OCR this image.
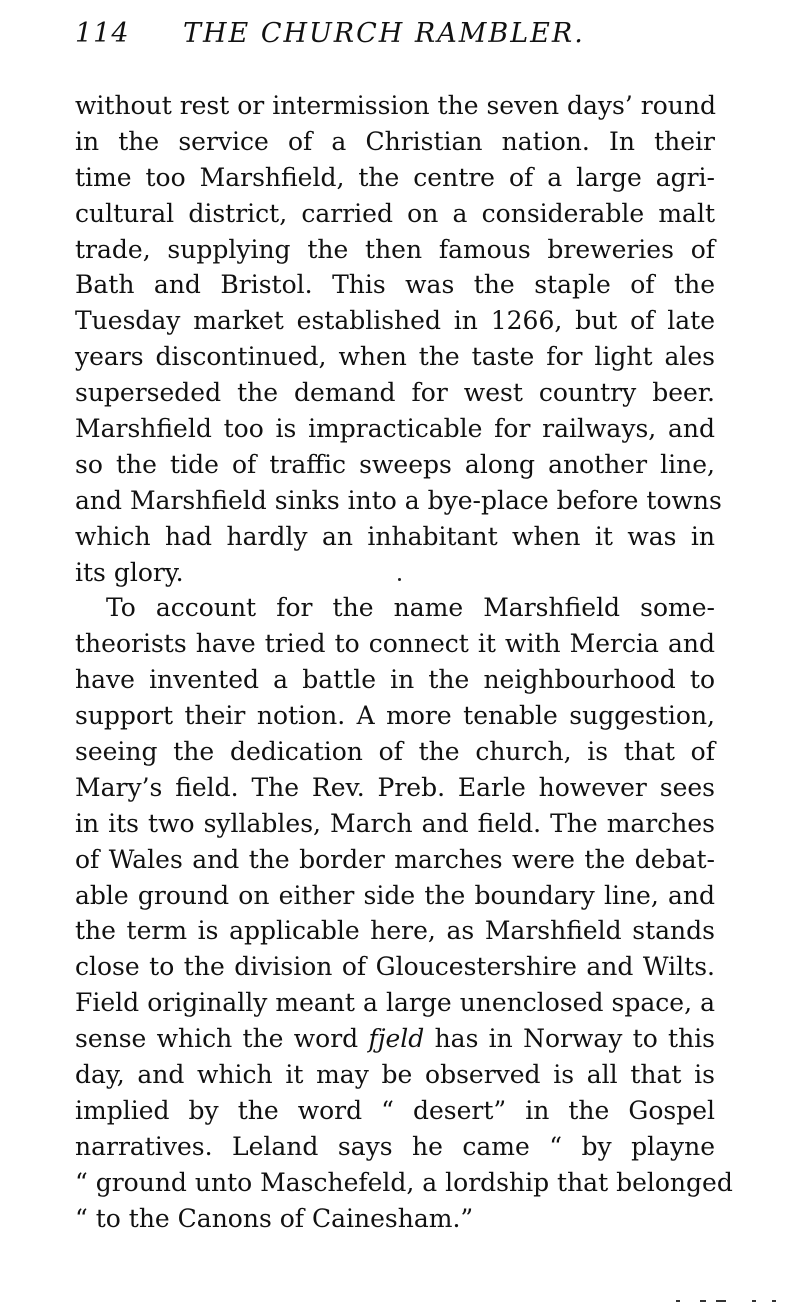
114 THE CHURCH RAMBLER.
without rest or intermission the seven days’ round
in the service of a Christian nation. In their
time too Marshfield, the centre of a large agri-
cultural district, carried on a considerable malt
trade, supplying the then famous breweries of
Bath and Bristol. This was the staple of the
Tuesday market established in 1266, but of late
years discontinued, when the taste for light ales
superseded the demand for west country beer.
Marshfield too is impracticable for railways, and
so the tide of traffic sweeps along another line,
and Marshfield sinks into a bye-place before towns
which had hardly an inhabitant when it was in
its glory.
To account for the name Marshfield some-
theorists have tried to connect it with Mercia and
have invented a battle in the neighbourhood to
support their notion. A more tenable suggestion,
seeing the dedication of the church, is that of
Mary’s field. The Rev. Preb. Earle however sees
in its two syllables, March and field. The marches
of Wales and the border marches were the debat-
able ground on either side the boundary line, and
the term is applicable here, as Marshfield stands
close to the division of Gloucestershire and Wilts.
Field originally meant a large unenclosed space, a
sense which the word fjeld has in Norway to this
day, and which it may be observed is all that is
implied by the word “ desert” in the Gospel
narratives. Leland says he came “ by playne
“ ground unto Maschefeld, a lordship that belonged
“ to the Canons of Cainesham.”
